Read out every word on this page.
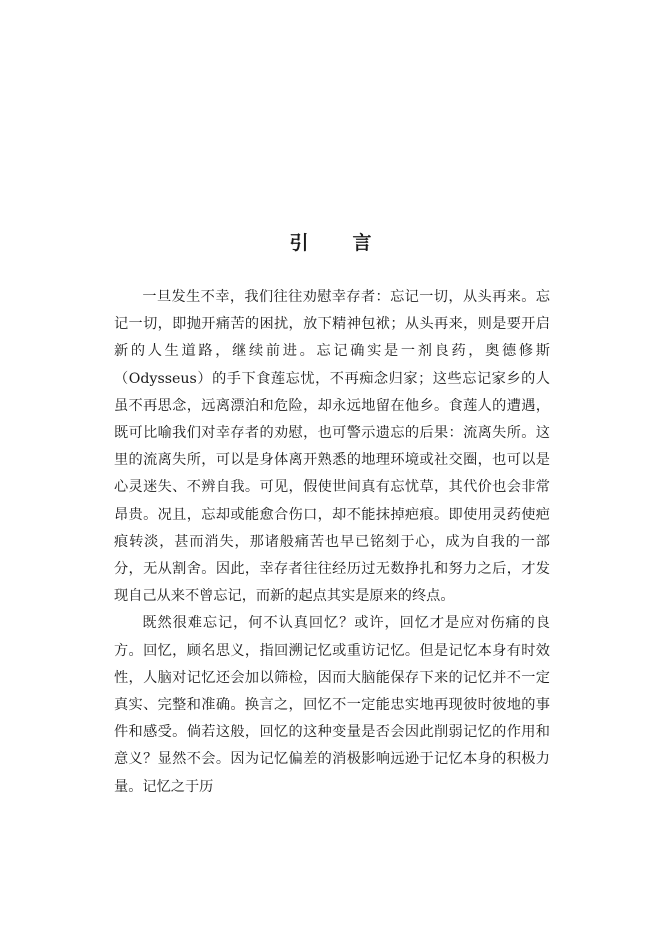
引言

一旦发生不幸，我们往往劝慰幸存者：忘记一切，从头再来。忘记一切，即抛开痛苦的困扰，放下精神包袱；从头再来，则是要开启新的人生道路，继续前进。忘记确实是一剂良药，奥德修斯（Odysseus）的手下食莲忘忧，不再痴念归家；这些忘记家乡的人虽不再思念，远离漂泊和危险，却永远地留在他乡。食莲人的遭遇，既可比喻我们对幸存者的劝慰，也可警示遗忘的后果：流离失所。这里的流离失所，可以是身体离开熟悉的地理环境或社交圈，也可以是心灵迷失、不辨自我。可见，假使世间真有忘忧草，其代价也会非常昂贵。况且，忘却或能愈合伤口，却不能抹掉疤痕。即使用灵药使疤痕转淡，甚而消失，那诸般痛苦也早已铭刻于心，成为自我的一部分，无从割舍。因此，幸存者往往经历过无数挣扎和努力之后，才发现自己从来不曾忘记，而新的起点其实是原来的终点。

既然很难忘记，何不认真回忆？或许，回忆才是应对伤痛的良方。回忆，顾名思义，指回溯记忆或重访记忆。但是记忆本身有时效性，人脑对记忆还会加以筛检，因而大脑能保存下来的记忆并不一定真实、完整和准确。换言之，回忆不一定能忠实地再现彼时彼地的事件和感受。倘若这般，回忆的这种变量是否会因此削弱记忆的作用和意义？显然不会。因为记忆偏差的消极影响远逊于记忆本身的积极力量。记忆之于历
